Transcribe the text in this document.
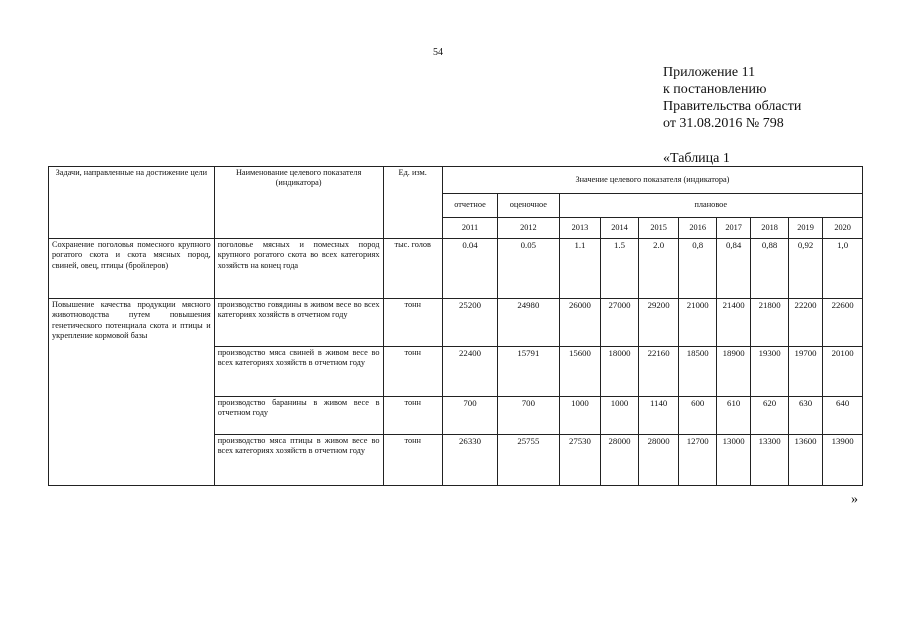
54
Приложение 11
к постановлению
Правительства области
от 31.08.2016 № 798
«Таблица 1
Задачи, направленные на достижение цели	Наименование целевого показателя (индикатора)	Ед. изм.	Значение целевого показателя (индикатора)									
			отчетное	оценочное	плановое							
			2011	2012	2013	2014	2015	2016	2017	2018	2019	2020
Сохранение поголовья помесного крупного рогатого скота и скота мясных пород, свиней, овец, птицы (бройлеров)	поголовье мясных и помесных пород крупного рогатого скота во всех категориях хозяйств на конец года	тыс. голов	0.04	0.05	1.1	1.5	2.0	0,8	0,84	0,88	0,92	1,0
Повышение качества продукции мясного животноводства путем повышения генетического потенциала скота и птицы и укрепление кормовой базы	производство говядины в живом весе во всех категориях хозяйств в отчетном году	тонн	25200	24980	26000	27000	29200	21000	21400	21800	22200	22600
	производство мяса свиней в живом весе во всех категориях хозяйств в отчетном году	тонн	22400	15791	15600	18000	22160	18500	18900	19300	19700	20100
	производство баранины в живом весе в отчетном году	тонн	700	700	1000	1000	1140	600	610	620	630	640
	производство мяса птицы в живом весе во всех категориях хозяйств в отчетном году	тонн	26330	25755	27530	28000	28000	12700	13000	13300	13600	13900
»
